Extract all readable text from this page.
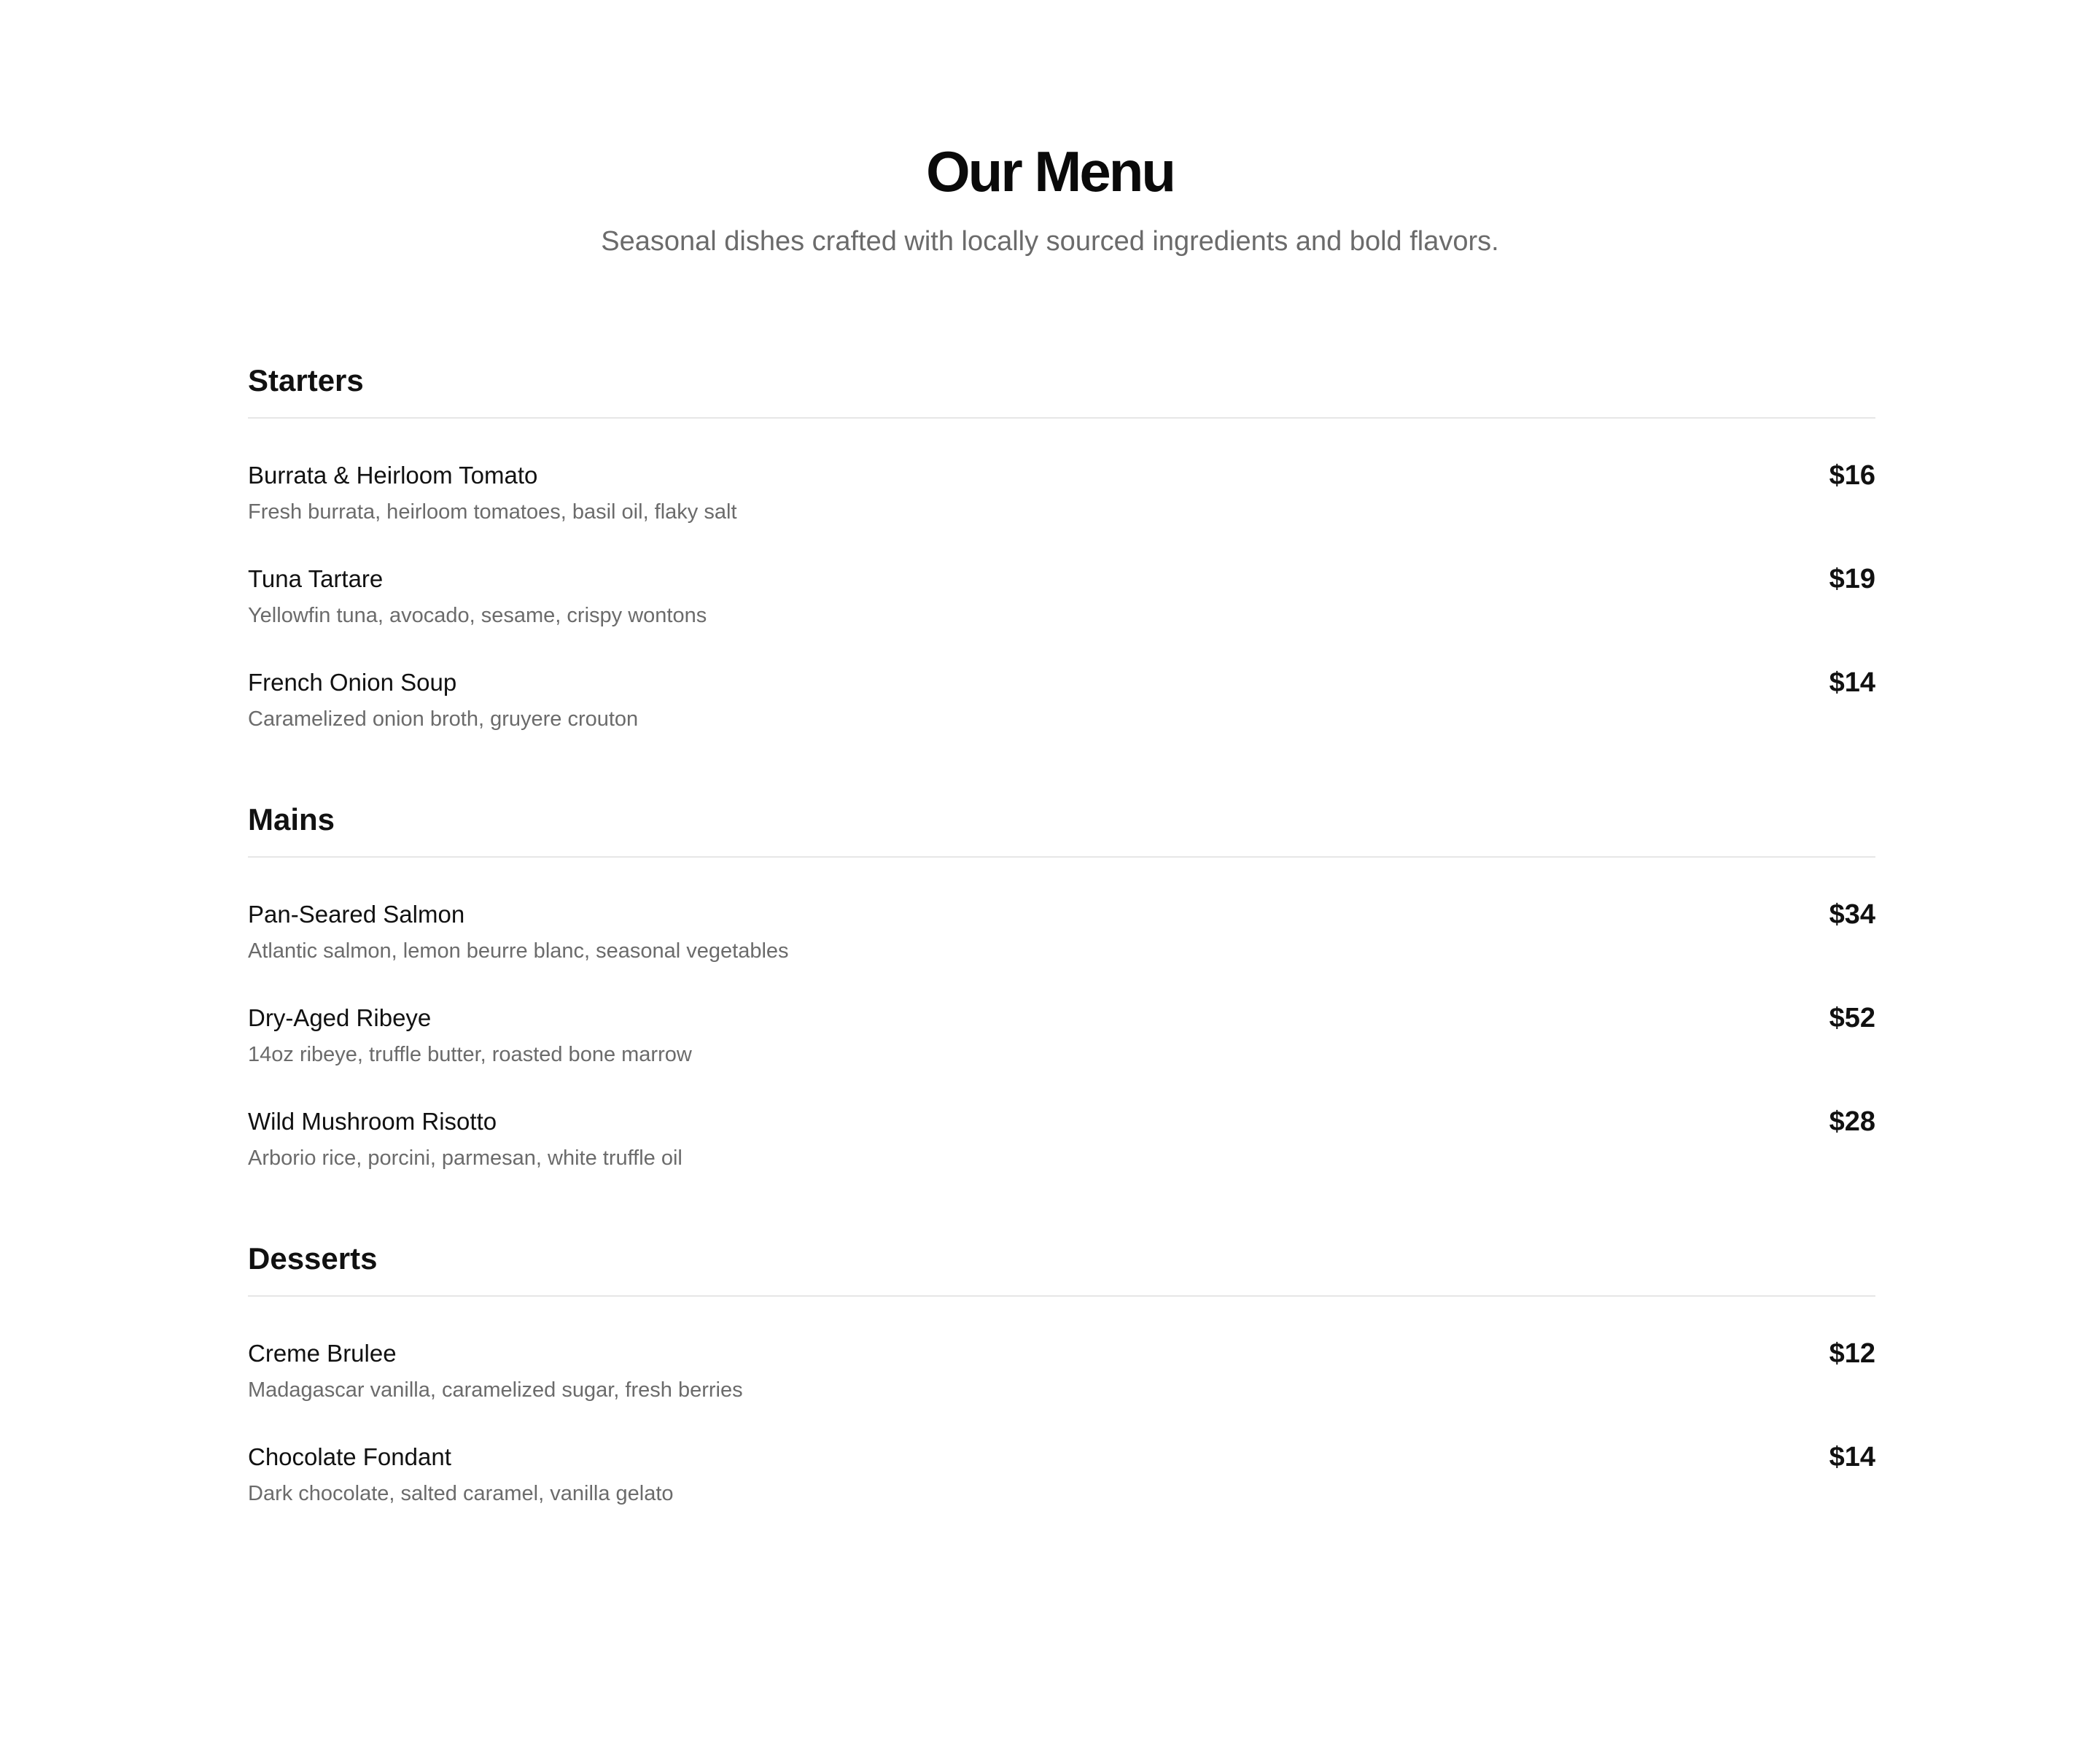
Our Menu

Seasonal dishes crafted with locally sourced ingredients and bold flavors.

Starters
Burrata & Heirloom Tomato
Fresh burrata, heirloom tomatoes, basil oil, flaky salt
$16
Tuna Tartare
Yellowfin tuna, avocado, sesame, crispy wontons
$19
French Onion Soup
Caramelized onion broth, gruyere crouton
$14
Mains
Pan-Seared Salmon
Atlantic salmon, lemon beurre blanc, seasonal vegetables
$34
Dry-Aged Ribeye
14oz ribeye, truffle butter, roasted bone marrow
$52
Wild Mushroom Risotto
Arborio rice, porcini, parmesan, white truffle oil
$28
Desserts
Creme Brulee
Madagascar vanilla, caramelized sugar, fresh berries
$12
Chocolate Fondant
Dark chocolate, salted caramel, vanilla gelato
$14
